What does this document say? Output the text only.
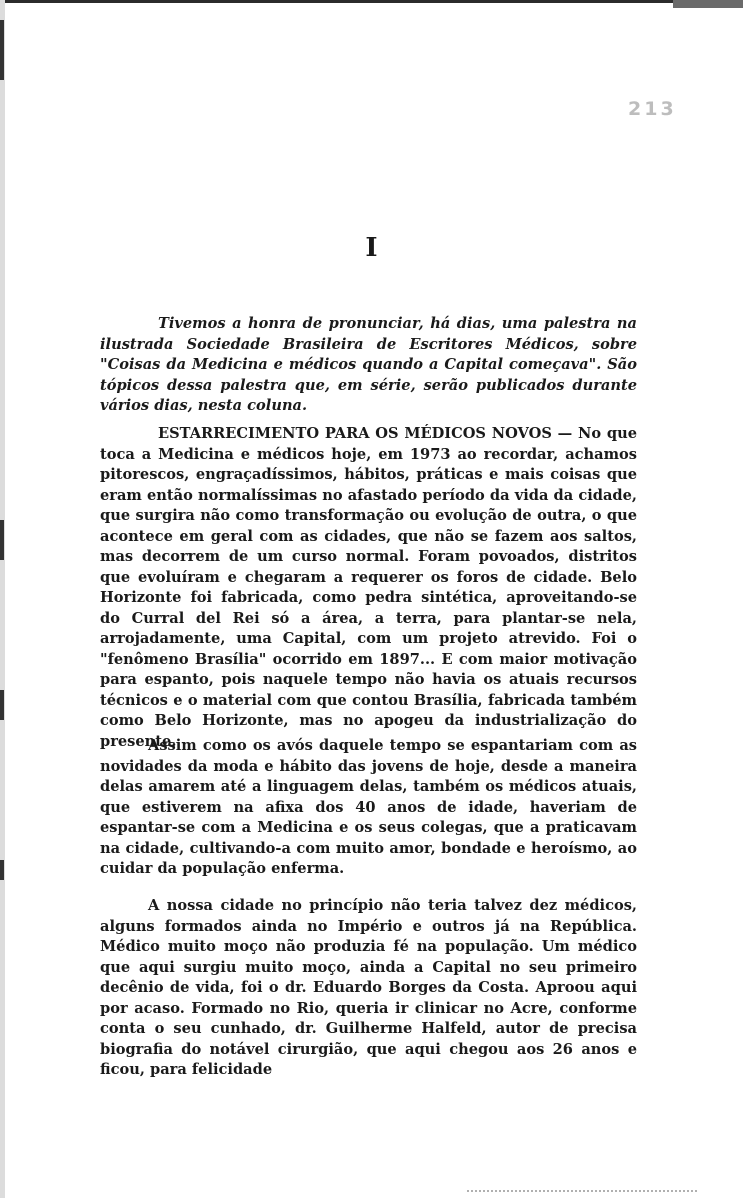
213
I
Tivemos a honra de pronunciar, há dias, uma palestra na ilustrada Sociedade Brasileira de Escritores Médicos, sobre "Coisas da Medicina e médicos quando a Capital começava". São tópicos dessa palestra que, em série, serão publicados durante vários dias, nesta coluna.
ESTARRECIMENTO PARA OS MÉDICOS NOVOS — No que toca a Medicina e médicos hoje, em 1973 ao recordar, achamos pitorescos, engraçadíssimos, hábitos, práticas e mais coisas que eram então normalíssimas no afastado período da vida da cidade, que surgira não como transformação ou evolução de outra, o que acontece em geral com as cidades, que não se fazem aos saltos, mas decorrem de um curso normal. Foram povoados, distritos que evoluíram e chegaram a requerer os foros de cidade. Belo Horizonte foi fabricada, como pedra sintética, aproveitando-se do Curral del Rei só a área, a terra, para plantar-se nela, arrojadamente, uma Capital, com um projeto atrevido. Foi o "fenômeno Brasília" ocorrido em 1897... E com maior motivação para espanto, pois naquele tempo não havia os atuais recursos técnicos e o material com que contou Brasília, fabricada também como Belo Horizonte, mas no apogeu da industrialização do presente.
Assim como os avós daquele tempo se espantariam com as novidades da moda e hábito das jovens de hoje, desde a maneira delas amarem até a linguagem delas, também os médicos atuais, que estiverem na afixa dos 40 anos de idade, haveriam de espantar-se com a Medicina e os seus colegas, que a praticavam na cidade, cultivando-a com muito amor, bondade e heroísmo, ao cuidar da população enferma.
A nossa cidade no princípio não teria talvez dez médicos, alguns formados ainda no Império e outros já na República. Médico muito moço não produzia fé na população. Um médico que aqui surgiu muito moço, ainda a Capital no seu primeiro decênio de vida, foi o dr. Eduardo Borges da Costa. Aproou aqui por acaso. Formado no Rio, queria ir clinicar no Acre, conforme conta o seu cunhado, dr. Guilherme Halfeld, autor de precisa biografia do notável cirurgião, que aqui chegou aos 26 anos e ficou, para felicidade
